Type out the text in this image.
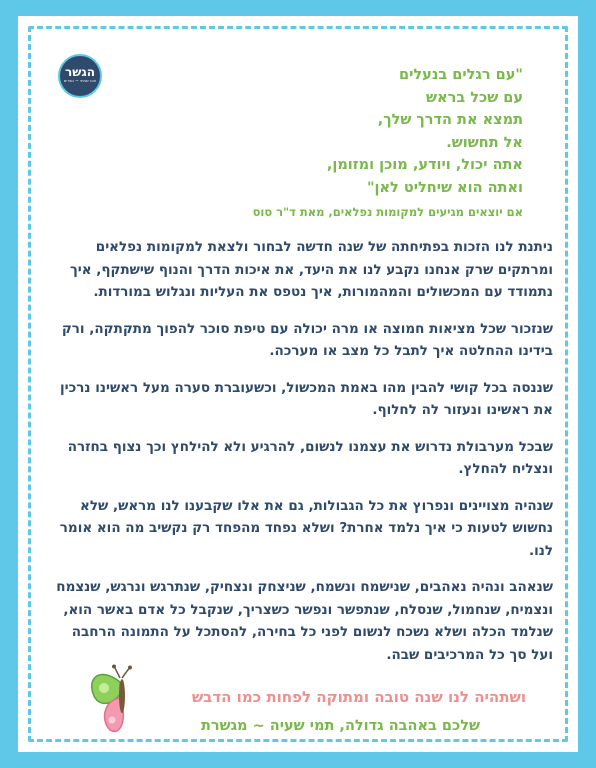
הגשר
חוט שמיני ~ גשרים	"עם רגלים בנעלים
עם שכל בראש
תמצא את הדרך שלך,
אל תחשוש.
אתה יכול, ויודע, מוכן ומזומן,
ואתה הוא שיחליט לאן"
אם יוצאים מגיעים למקומות נפלאים, מאת ד"ר סוס
ניתנת לנו הזכות בפתיחתה של שנה חדשה לבחור ולצאת למקומות נפלאים ומרתקים שרק אנחנו נקבע לנו את היעד, את איכות הדרך והנוף שישתקף, איך נתמודד עם המכשולים והמהמורות, איך נטפס את העליות ונגלוש במורדות.
שנזכור שכל מציאות חמוצה או מרה יכולה עם טיפת סוכר להפוך מתקתקה, ורק בידינו ההחלטה איך לתבל כל מצב או מערכה.
שננסה בכל קושי להבין מהו באמת המכשול, וכשעוברת סערה מעל ראשינו נרכין את ראשינו ונעזור לה לחלוף.
שבכל מערבולת נדרוש את עצמנו לנשום, להרגיע ולא להילחץ וכך נצוף בחזרה ונצליח להחלץ.
שנהיה מצויינים ונפרוץ את כל הגבולות, גם את אלו שקבענו לנו מראש, שלא נחשוש לטעות כי איך נלמד אחרת? ושלא נפחד מהפחד רק נקשיב מה הוא אומר לנו.
שנאהב ונהיה נאהבים, שנישמח ונשמח, שניצחק ונצחיק, שנתרגש ונרגש, שנצמח ונצמיח, שנחמול, שנסלח, שנתפשר ונפשר כשצריך, שנקבל כל אדם באשר הוא, שנלמד הכלה ושלא נשכח לנשום לפני כל בחירה, להסתכל על התמונה הרחבה ועל סך כל המרכיבים שבה.
ושתהיה לנו שנה טובה ומתוקה לפחות כמו הדבש
שלכם באהבה גדולה, תמי שעיה ~ מגשרת
